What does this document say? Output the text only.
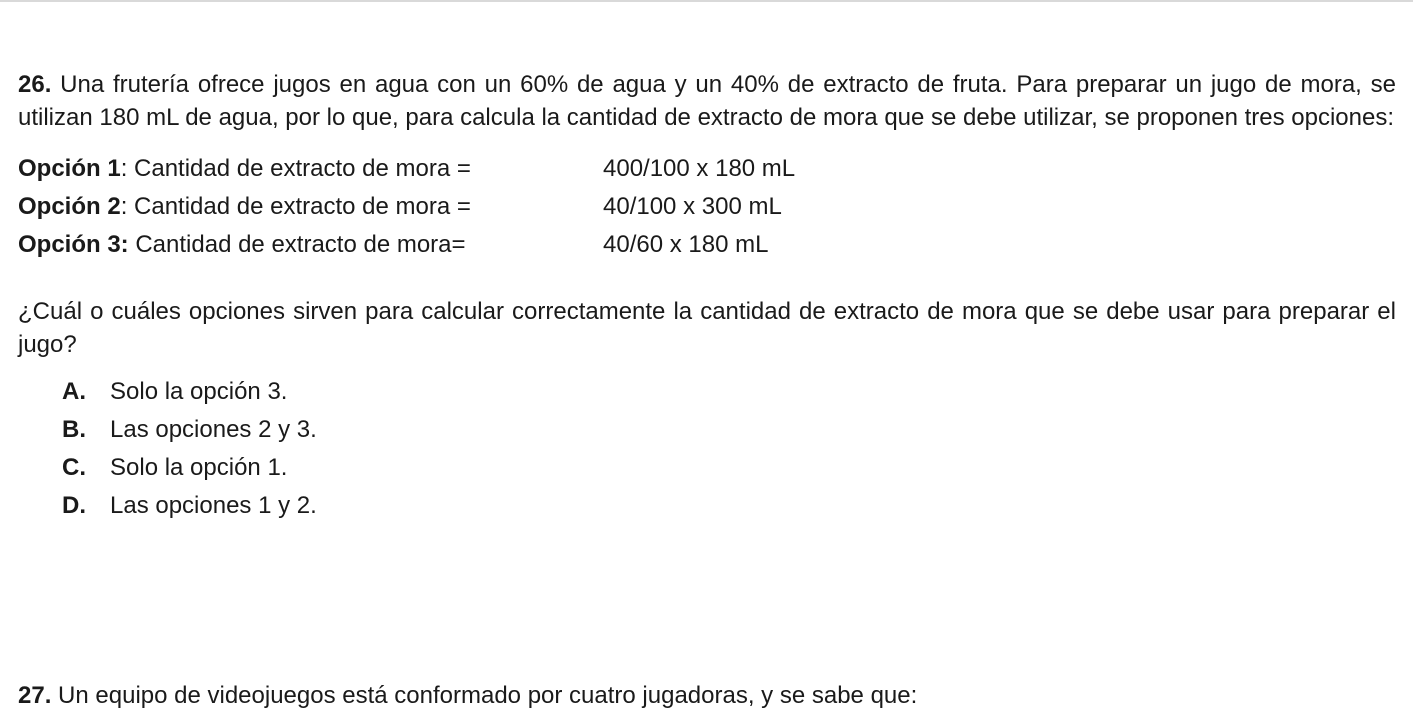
26. Una frutería ofrece jugos en agua con un 60% de agua y un 40% de extracto de fruta. Para preparar un jugo de mora, se utilizan 180 mL de agua, por lo que, para calcula la cantidad de extracto de mora que se debe utilizar, se proponen tres opciones:

Opción 1 : Cantidad de extracto de mora =	400/100 x 180 mL
Opción 2 : Cantidad de extracto de mora =	40/100 x 300 mL
Opción 3: Cantidad de extracto de mora=	40/60 x 180 mL

¿Cuál o cuáles opciones sirven para calcular correctamente la cantidad de extracto de mora que se debe usar para preparar el jugo?

A.	Solo la opción 3.
B.	Las opciones 2 y 3.
C.	Solo la opción 1.
D.	Las opciones 1 y 2.
27. Un equipo de videojuegos está conformado por cuatro jugadoras, y se sabe que:
